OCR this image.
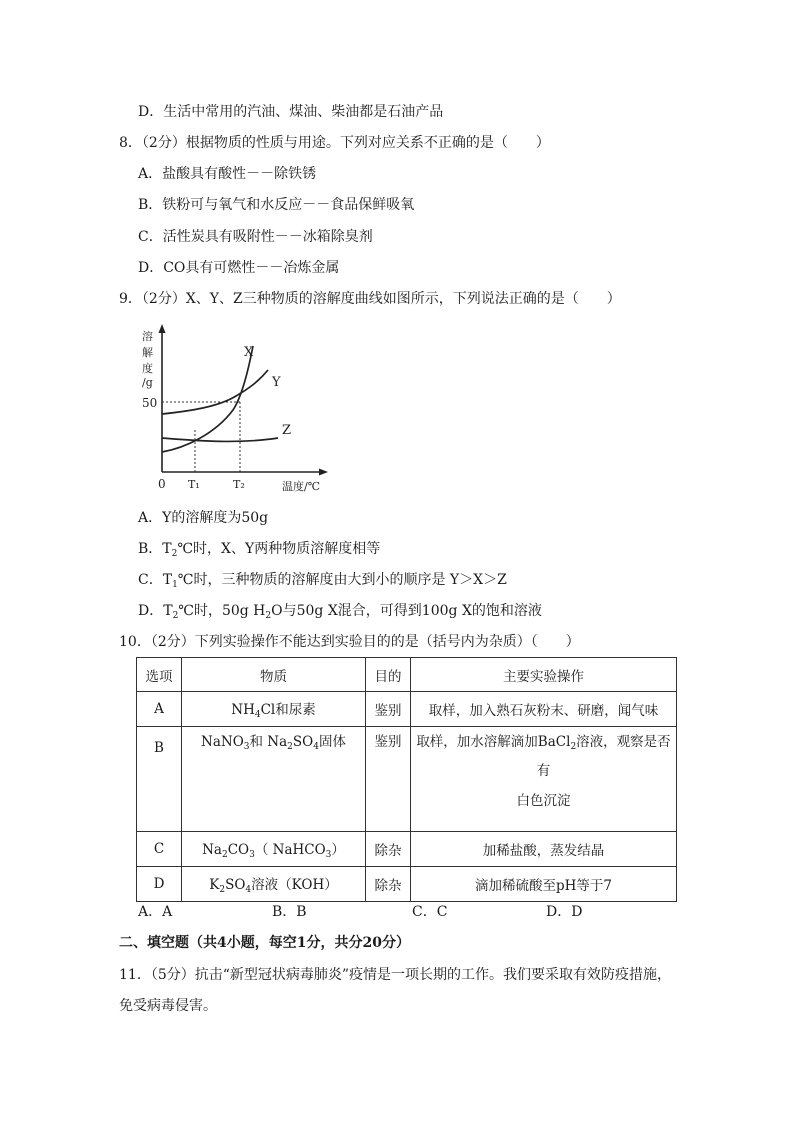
D．生活中常用的汽油、煤油、柴油都是石油产品
8．（2分）根据物质的性质与用途。下列对应关系不正确的是（　　）
A．盐酸具有酸性－－除铁锈
B．铁粉可与氧气和水反应－－食品保鲜吸氧
C．活性炭具有吸附性－－冰箱除臭剂
D．CO具有可燃性－－冶炼金属
9．（2分）X、Y、Z三种物质的溶解度曲线如图所示，下列说法正确的是（　　）
溶
解
度
/g
50
0 T₁	T₂	温度/℃
X
Y
Z
A．Y的溶解度为50g
B．$T_2℃$时，X、Y两种物质溶解度相等
C．$T_1℃$时，三种物质的溶解度由大到小的顺序是 Y＞X＞Z
D．$T_2℃$时，50g $H_2O$与50g X混合，可得到100g X的饱和溶液
10．（2分）下列实验操作不能达到实验目的的是（括号内为杂质）（　　）
选项	物质	目的	主要实验操作
A	$NH_4Cl$和尿素	鉴别	取样，加入熟石灰粉末、研磨，闻气味
B	NaNO$_3$和 $Na_2SO_4$固体	鉴别	取样，加水溶解滴加BaCl$_2$溶液，观察是否
有
白色沉淀

C	$Na_2CO_3$（ NaHCO$_3$）	除杂	加稀盐酸，蒸发结晶
D	$K_2SO_4$溶液（KOH）	除杂	滴加稀硫酸至pH等于7
A．A	B．B	C．C	D．D
二、填空题（共4小题，每空1分，共分20分）
11．（5分）抗击“新型冠状病毒肺炎”疫情是一项长期的工作。我们要采取有效防疫措施，
免受病毒侵害。
